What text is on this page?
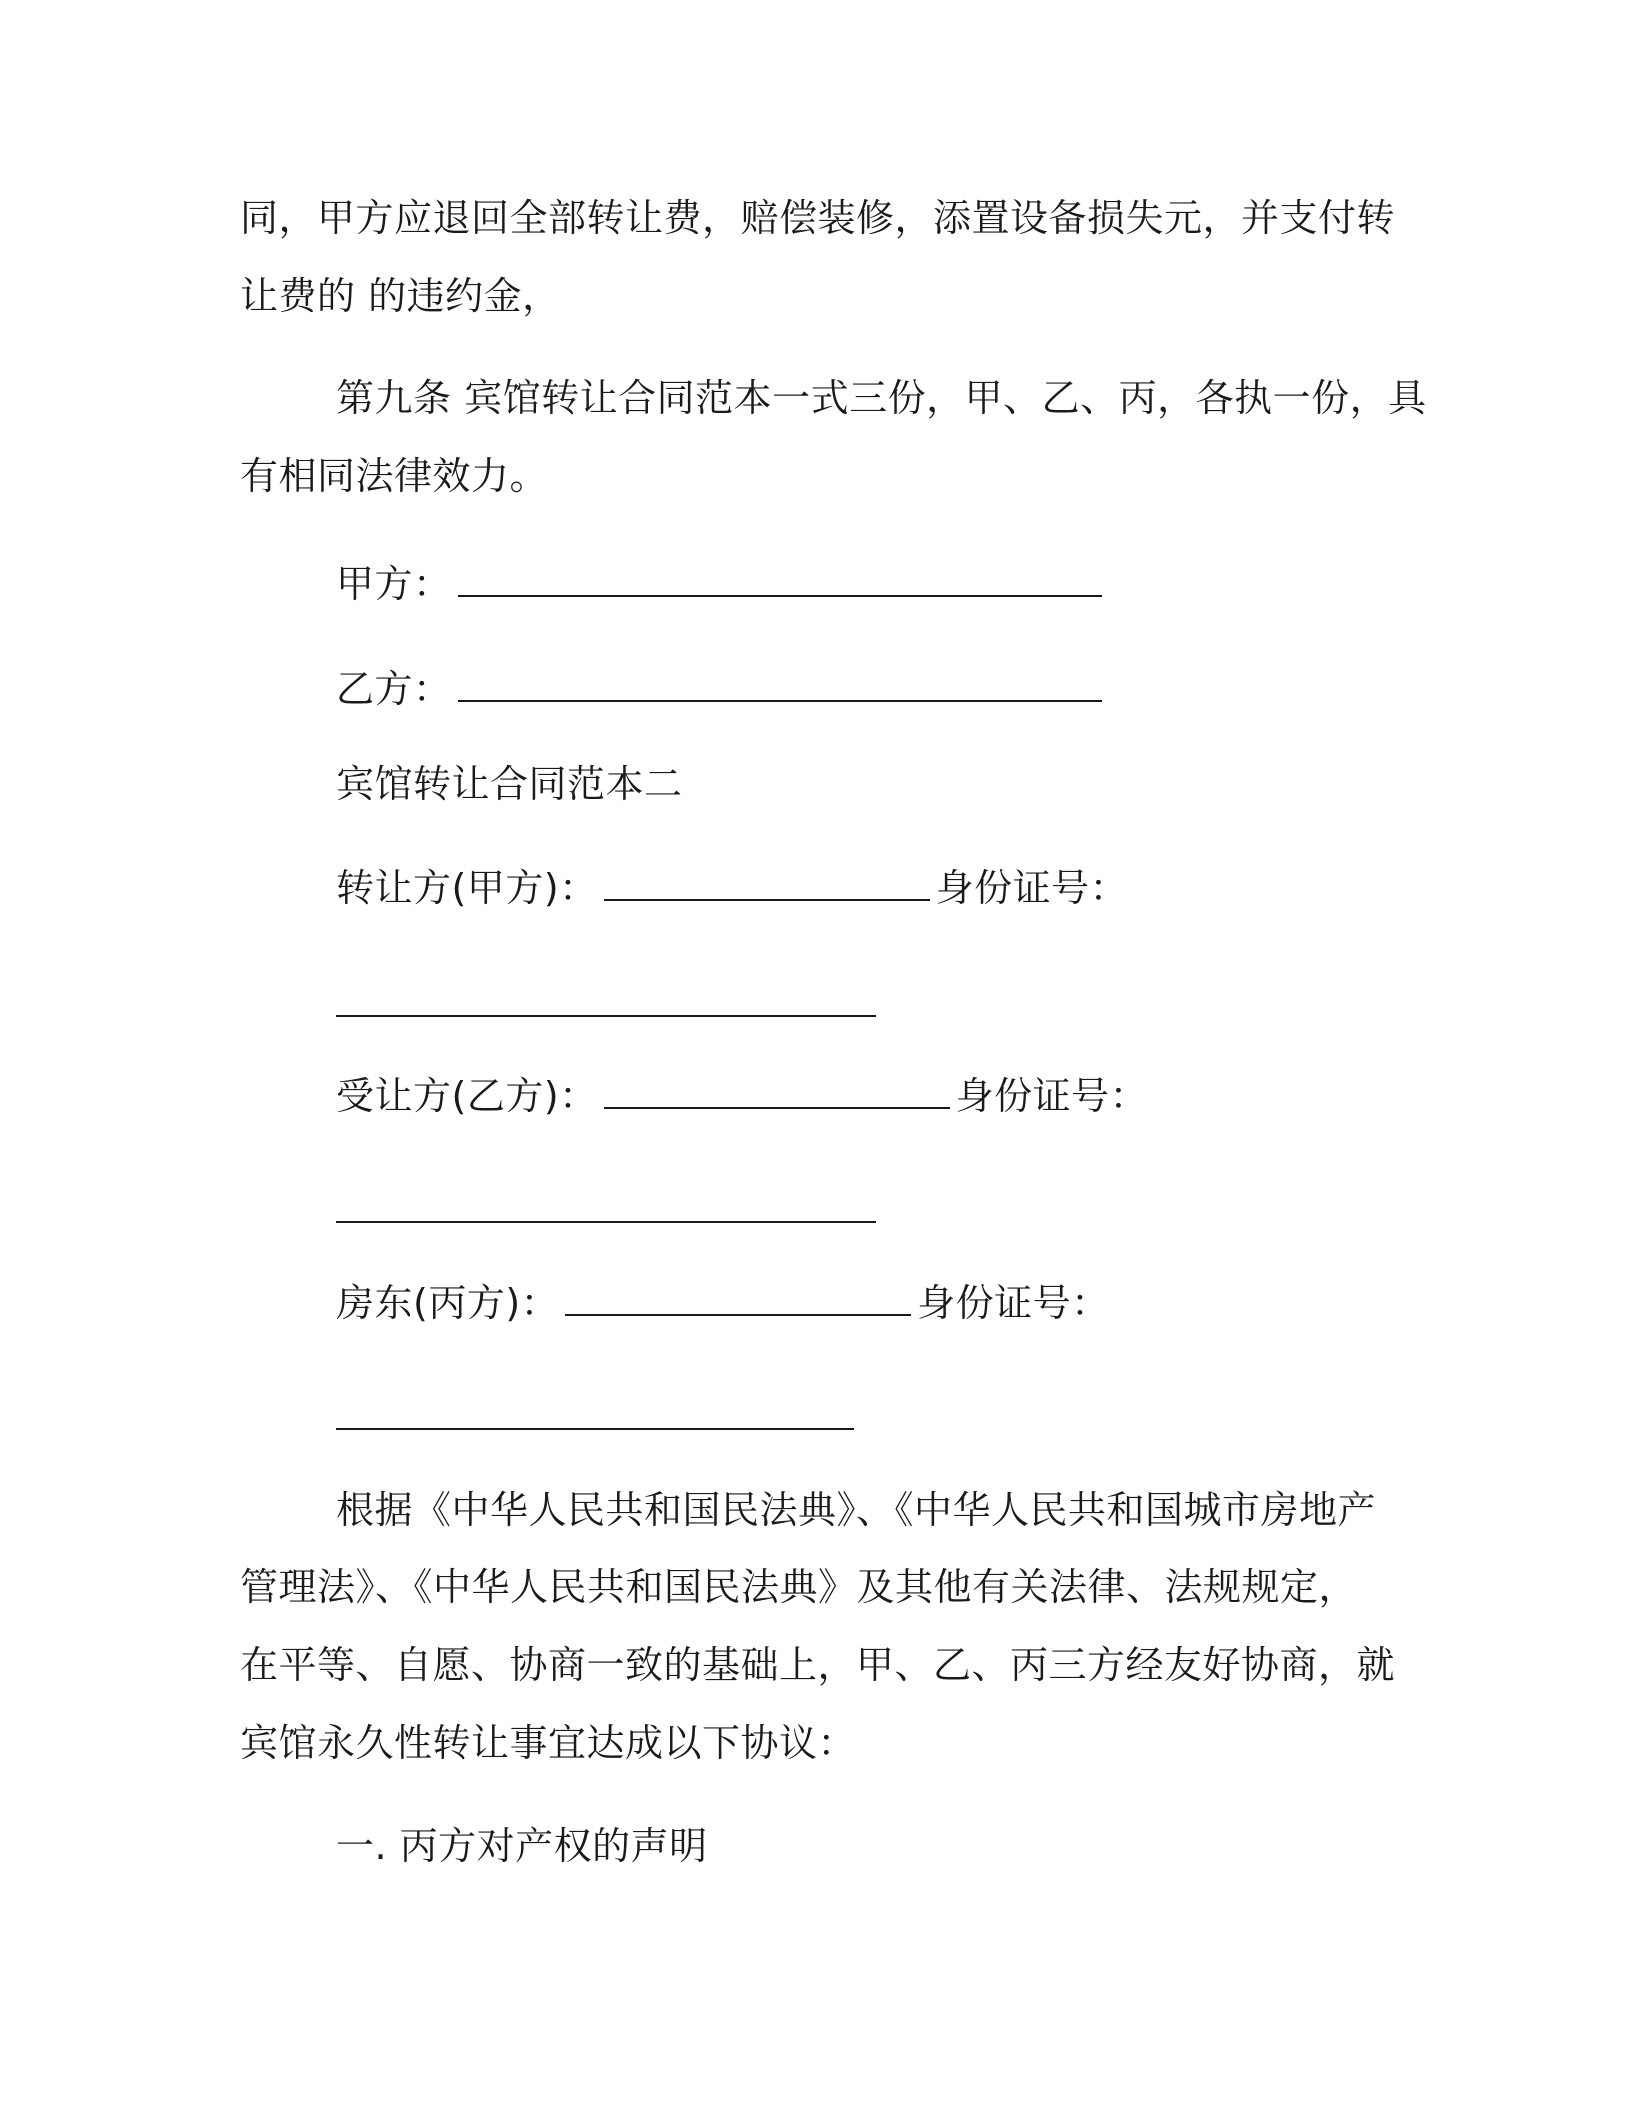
同，甲方应退回全部转让费，赔偿装修，添置设备损失元，并支付转
让费的 的违约金，
第九条 宾馆转让合同范本一式三份，甲、乙、丙，各执一份，具
有相同法律效力。
甲方：
乙方：
宾馆转让合同范本二
转让方(甲方)：	身份证号：
受让方(乙方)：	身份证号：
房东(丙方)：	身份证号：
根据《中华人民共和国民法典》、《中华人民共和国城市房地产
管理法》、《中华人民共和国民法典》及其他有关法律、法规规定，
在平等、自愿、协商一致的基础上，甲、乙、丙三方经友好协商，就
宾馆永久性转让事宜达成以下协议：
一. 丙方对产权的声明
